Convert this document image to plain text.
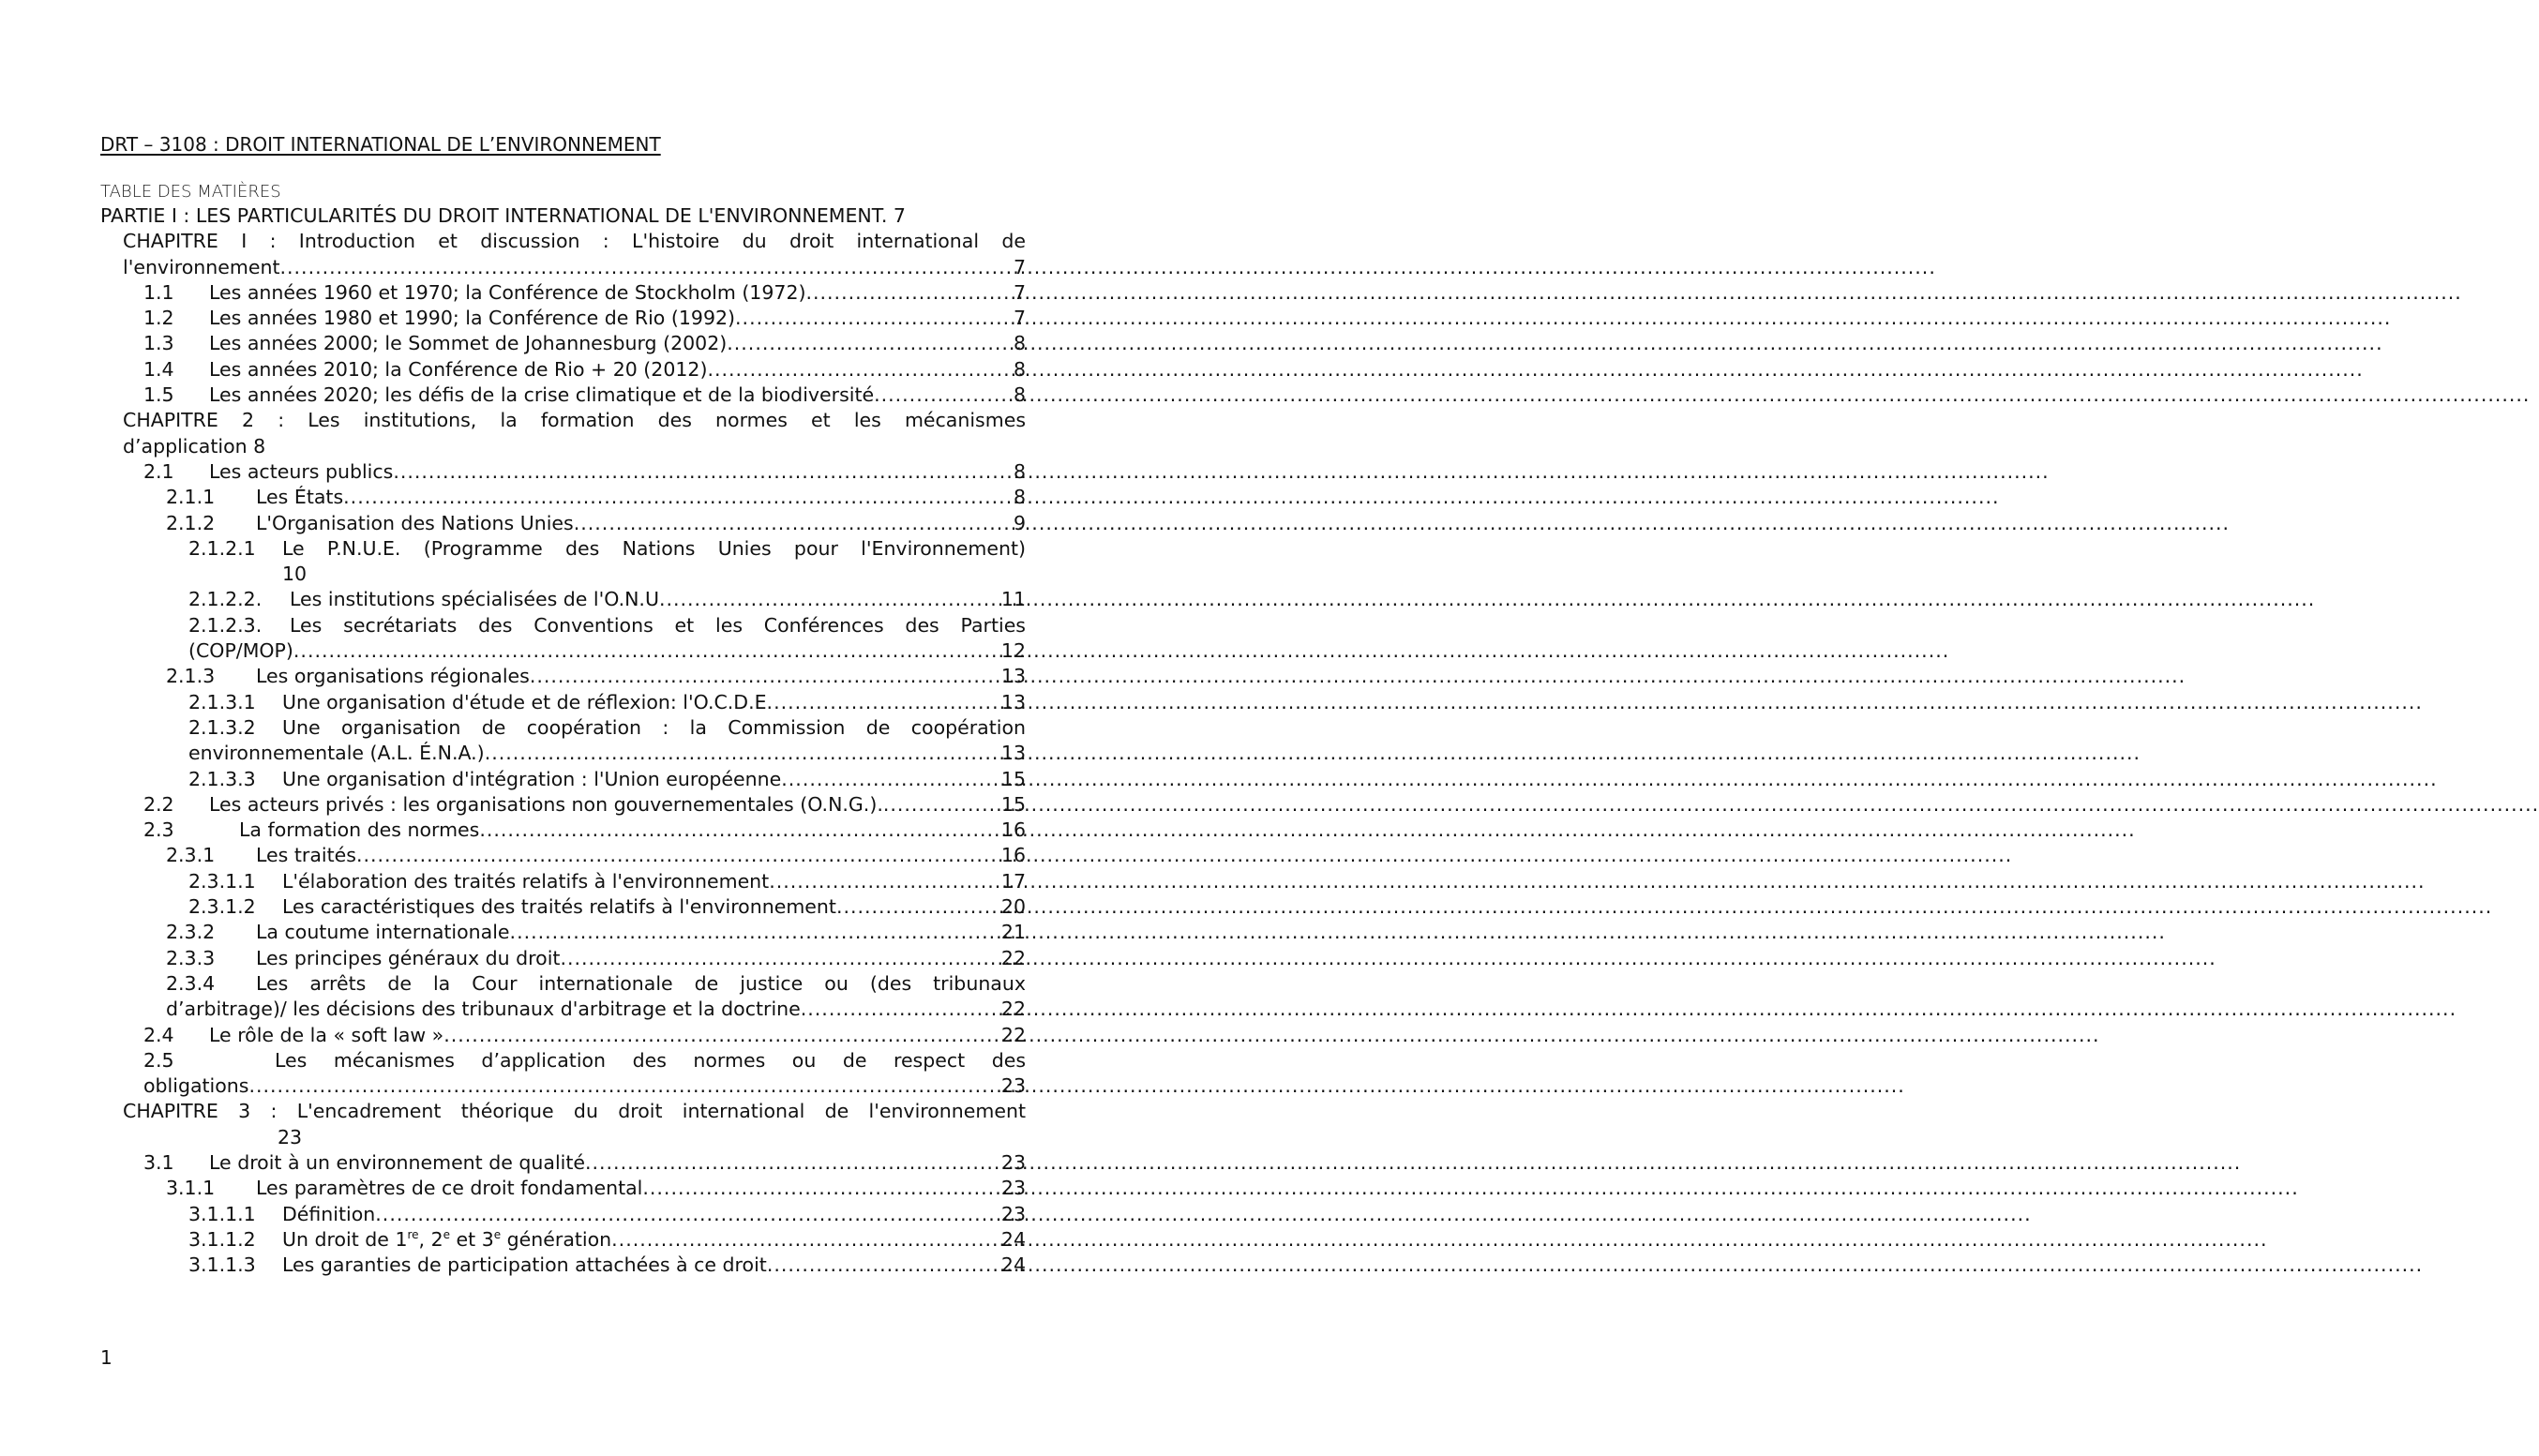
DRT – 3108 : DROIT INTERNATIONAL DE L’ENVIRONNEMENT
TABLE DES MATIÈRES
PARTIE I : LES PARTICULARITÉS DU DROIT INTERNATIONAL DE L'ENVIRONNEMENT.
7
CHAPITRE I : Introduction et discussion : L'histoire du droit international de
l'environnement .....	7
1.1	Les années 1960 et 1970; la Conférence de Stockholm (1972) .....	7
1.2	Les années 1980 et 1990; la Conférence de Rio (1992) .....	7
1.3	Les années 2000; le Sommet de Johannesburg (2002) .....	8
1.4	Les années 2010; la Conférence de Rio + 20 (2012) .....	8
1.5	Les années 2020; les défis de la crise climatique et de la biodiversité .....	8
CHAPITRE 2 : Les institutions, la formation des normes et les mécanismes
d’application 8
2.1	Les acteurs publics .....	8
2.1.1	Les États .....	8
2.1.2	L'Organisation des Nations Unies .....	9
2.1.2.1 Le P.N.U.E. (Programme des Nations Unies pour l'Environnement)
10
2.1.2.2.	Les institutions spécialisées de l'O.N.U .....	11
2.1.2.3. Les secrétariats des Conventions et les Conférences des Parties
(COP/MOP) .....	12
2.1.3	Les organisations régionales .....	13
2.1.3.1	Une organisation d'étude et de réflexion: l'O.C.D.E .....	13
2.1.3.2 Une organisation de coopération : la Commission de coopération
environnementale (A.L. É.N.A.) .....	13
2.1.3.3	Une organisation d'intégration : l'Union européenne .....	15
2.2	Les acteurs privés : les organisations non gouvernementales (O.N.G.). .....	15
2.3	La formation des normes .....	16
2.3.1	Les traités .....	16
2.3.1.1	L'élaboration des traités relatifs à l'environnement .....	17
2.3.1.2	Les caractéristiques des traités relatifs à l'environnement .....	20
2.3.2	La coutume internationale .....	21
2.3.3	Les principes généraux du droit .....	22
2.3.4 Les arrêts de la Cour internationale de justice ou (des tribunaux
d’arbitrage)/ les décisions des tribunaux d'arbitrage et la doctrine .....	22
2.4	Le rôle de la « soft law » .....	22
2.5	Les mécanismes d’application des normes ou de respect des
obligations .....	23
CHAPITRE 3 : L'encadrement théorique du droit international de l'environnement
23
3.1	Le droit à un environnement de qualité .....	23
3.1.1	Les paramètres de ce droit fondamental .....	23
3.1.1.1	Définition .....	23
3.1.1.2	Un droit de 1re, 2e et 3e génération .....	24
3.1.1.3	Les garanties de participation attachées à ce droit .....	24
1
